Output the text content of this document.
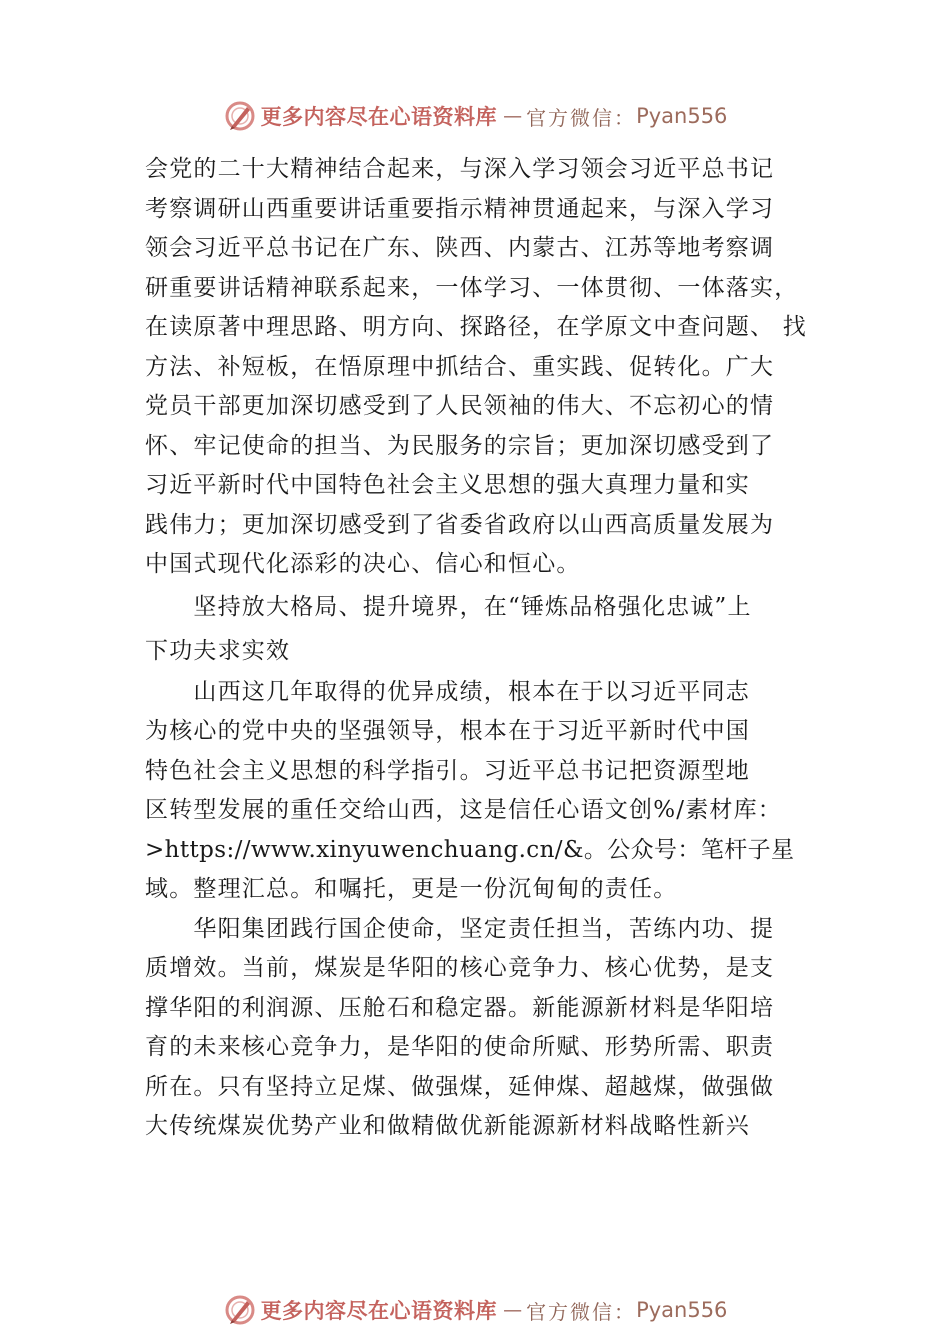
更多内容尽在心语资料库 — 官方微信： Pyan556
会党的二十大精神结合起来，与深入学习领会习近平总书记
考察调研山西重要讲话重要指示精神贯通起来，与深入学习
领会习近平总书记在广东、陕西、内蒙古、江苏等地考察调
研重要讲话精神联系起来，一体学习、一体贯彻、一体落实，
在读原著中理思路、明方向、探路径，在学原文中查问题、 找
方法、补短板，在悟原理中抓结合、重实践、促转化。广大
党员干部更加深切感受到了人民领袖的伟大、不忘初心的情
怀、牢记使命的担当、为民服务的宗旨；更加深切感受到了
习近平新时代中国特色社会主义思想的强大真理力量和实
践伟力；更加深切感受到了省委省政府以山西高质量发展为
中国式现代化添彩的决心、信心和恒心。
　　坚持放大格局、提升境界，在“锤炼品格强化忠诚”上
下功夫求实效
　　山西这几年取得的优异成绩，根本在于以习近平同志
为核心的党中央的坚强领导，根本在于习近平新时代中国
特色社会主义思想的科学指引。习近平总书记把资源型地
区转型发展的重任交给山西，这是信任心语文创%/素材库：
>https://www.xinyuwenchuang.cn/&。公众号：笔杆子星
域。整理汇总。和嘱托，更是一份沉甸甸的责任。
　　华阳集团践行国企使命，坚定责任担当，苦练内功、提
质增效。当前，煤炭是华阳的核心竞争力、核心优势，是支
撑华阳的利润源、压舱石和稳定器。新能源新材料是华阳培
育的未来核心竞争力，是华阳的使命所赋、形势所需、职责
所在。只有坚持立足煤、做强煤，延伸煤、超越煤，做强做
大传统煤炭优势产业和做精做优新能源新材料战略性新兴
更多内容尽在心语资料库 — 官方微信： Pyan556
